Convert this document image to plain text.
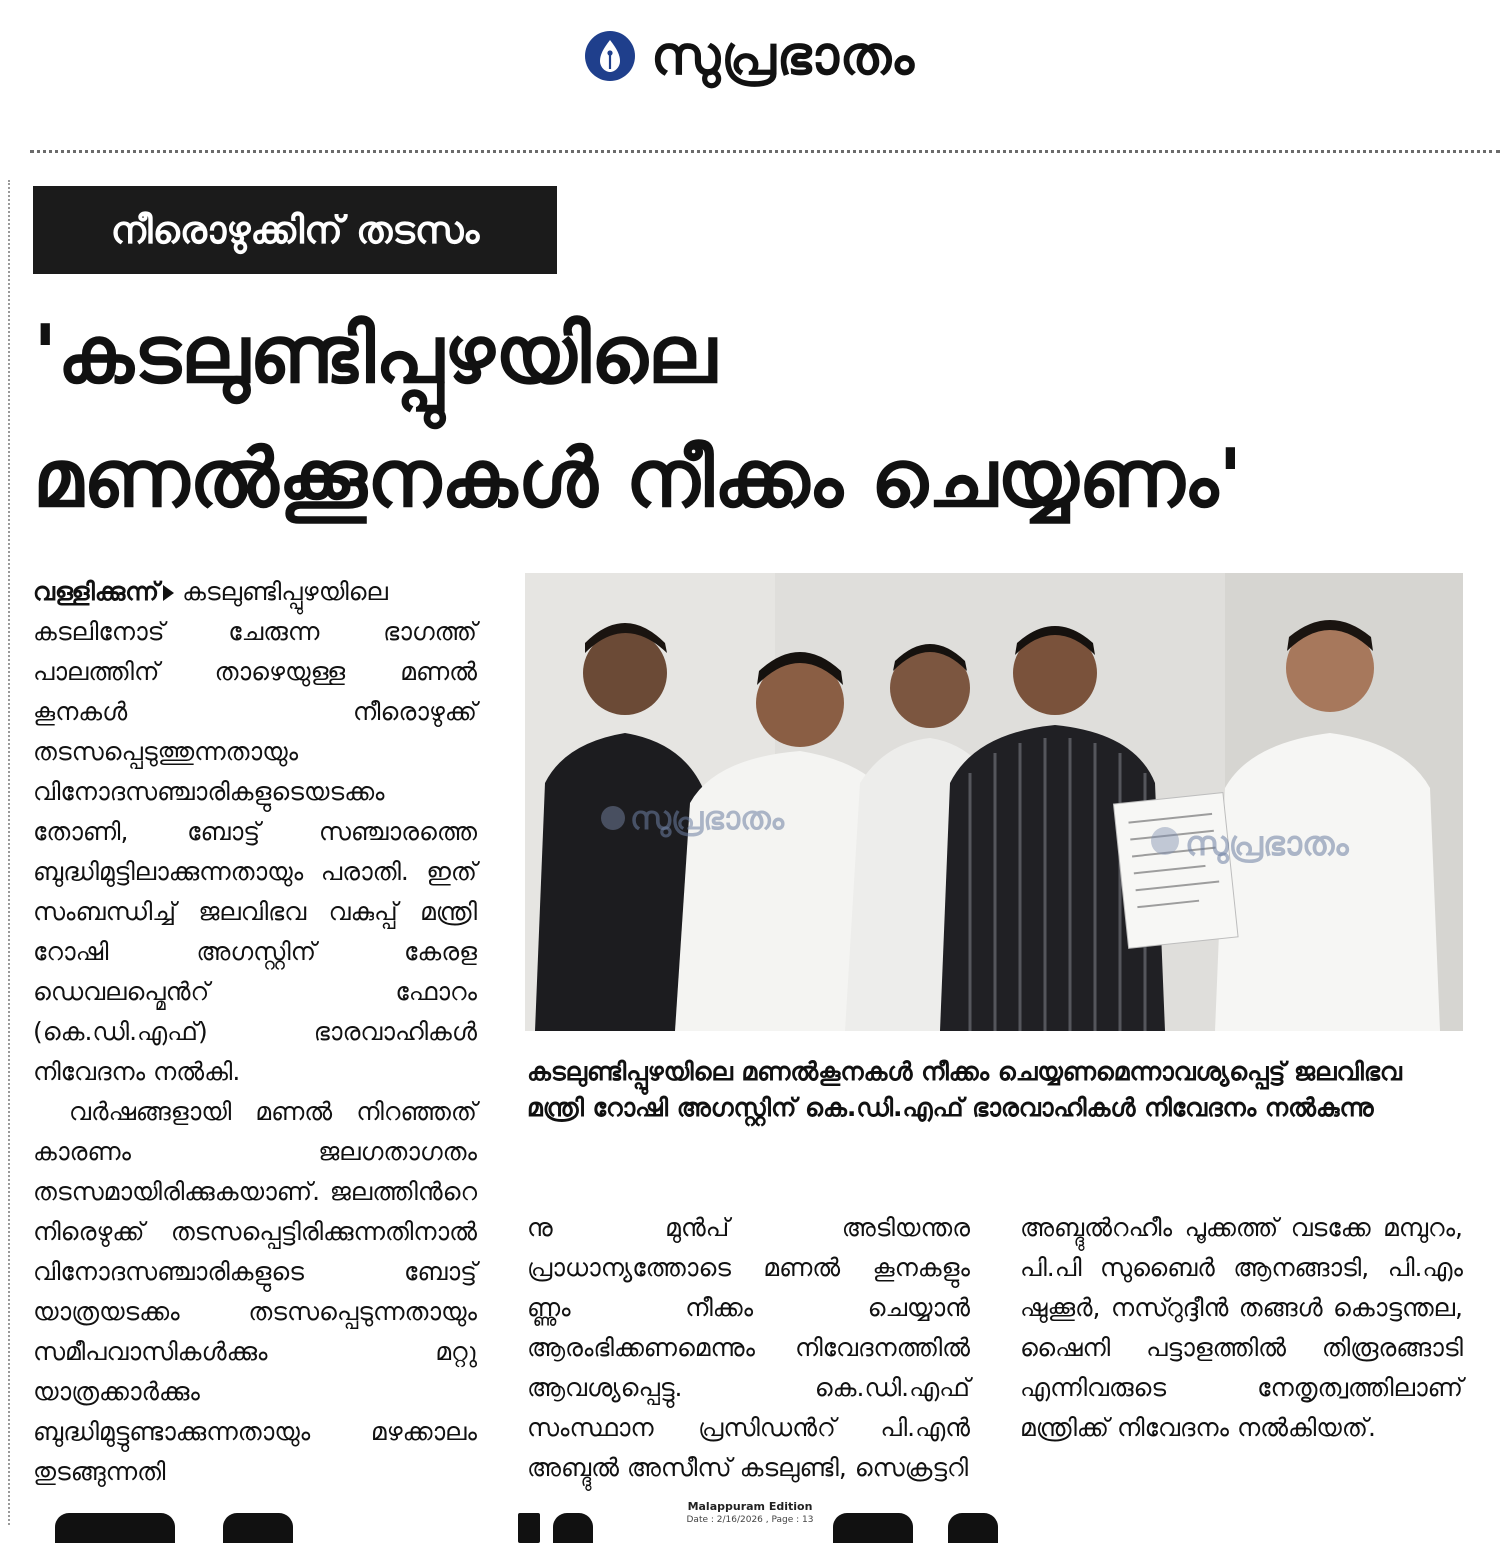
സുപ്രഭാതം
നീരൊഴുക്കിന് തടസം
'കടലുണ്ടിപ്പുഴയിലെ
മണൽക്കൂനകൾ നീക്കം ചെയ്യണം'

വള്ളിക്കുന്ന് കടലുണ്ടിപ്പുഴയിലെ കടലിനോട് ചേരുന്ന ഭാഗത്ത് പാലത്തിന് താഴെയുള്ള മണൽ കൂനകൾ നീരൊഴുക്ക് തടസപ്പെടുത്തുന്നതായും വിനോദസഞ്ചാരികളുടെയടക്കം തോണി, ബോട്ട് സഞ്ചാരത്തെ ബുദ്ധിമുട്ടിലാക്കുന്നതായും പരാതി. ഇത് സംബന്ധിച്ച് ജലവിഭവ വകുപ്പ് മന്ത്രി റോഷി അഗസ്റ്റിന് കേരള ഡെവലപ്മെൻറ് ഫോറം (കെ.ഡി.എഫ്) ഭാരവാഹികൾ നിവേദനം നൽകി.

വർഷങ്ങളായി മണൽ നിറഞ്ഞത് കാരണം ജലഗതാഗതം തടസമായിരിക്കുകയാണ്. ജലത്തിൻറെ നിരെഴുക്ക് തടസപ്പെട്ടിരിക്കുന്നതിനാൽ വിനോദസഞ്ചാരികളുടെ ബോട്ട് യാത്രയടക്കം തടസപ്പെടുന്നതായും സമീപവാസികൾക്കും മറ്റു യാത്രക്കാർക്കും ബുദ്ധിമുട്ടുണ്ടാക്കുന്നതായും മഴക്കാലം തുടങ്ങുന്നതി

സുപ്രഭാതം
സുപ്രഭാതം

കടലുണ്ടിപ്പുഴയിലെ മണൽകൂനകൾ നീക്കം ചെയ്യണമെന്നാവശ്യപ്പെട്ട് ജലവിഭവ മന്ത്രി റോഷി അഗസ്റ്റിന് കെ.ഡി.എഫ് ഭാരവാഹികൾ നിവേദനം നൽകുന്നു

നു മുൻപ് അടിയന്തര പ്രാധാന്യത്തോടെ മണൽ കൂനകളും ണ്ണും നീക്കം ചെയ്യാൻ ആരംഭിക്കണമെന്നും നിവേദനത്തിൽ ആവശ്യപ്പെട്ടു. കെ.ഡി.എഫ് സംസ്ഥാന പ്രസിഡൻറ് പി.എൻ അബ്ദുൽ അസീസ് കടലുണ്ടി, സെക്രട്ടറി

അബ്ദുൽറഹീം പൂക്കത്ത് വടക്കേ മമ്പുറം, പി.പി സുബൈർ ആനങ്ങാടി, പി.എം ഷുക്കൂർ, നസ്റുദ്ദീൻ തങ്ങൾ കൊട്ടന്തല, ഷൈനി പട്ടാളത്തിൽ തിരൂരങ്ങാടി എന്നിവരുടെ നേതൃത്വത്തിലാണ് മന്ത്രിക്ക് നിവേദനം നൽകിയത്.

Malappuram Edition
Date : 2/16/2026 , Page : 13
